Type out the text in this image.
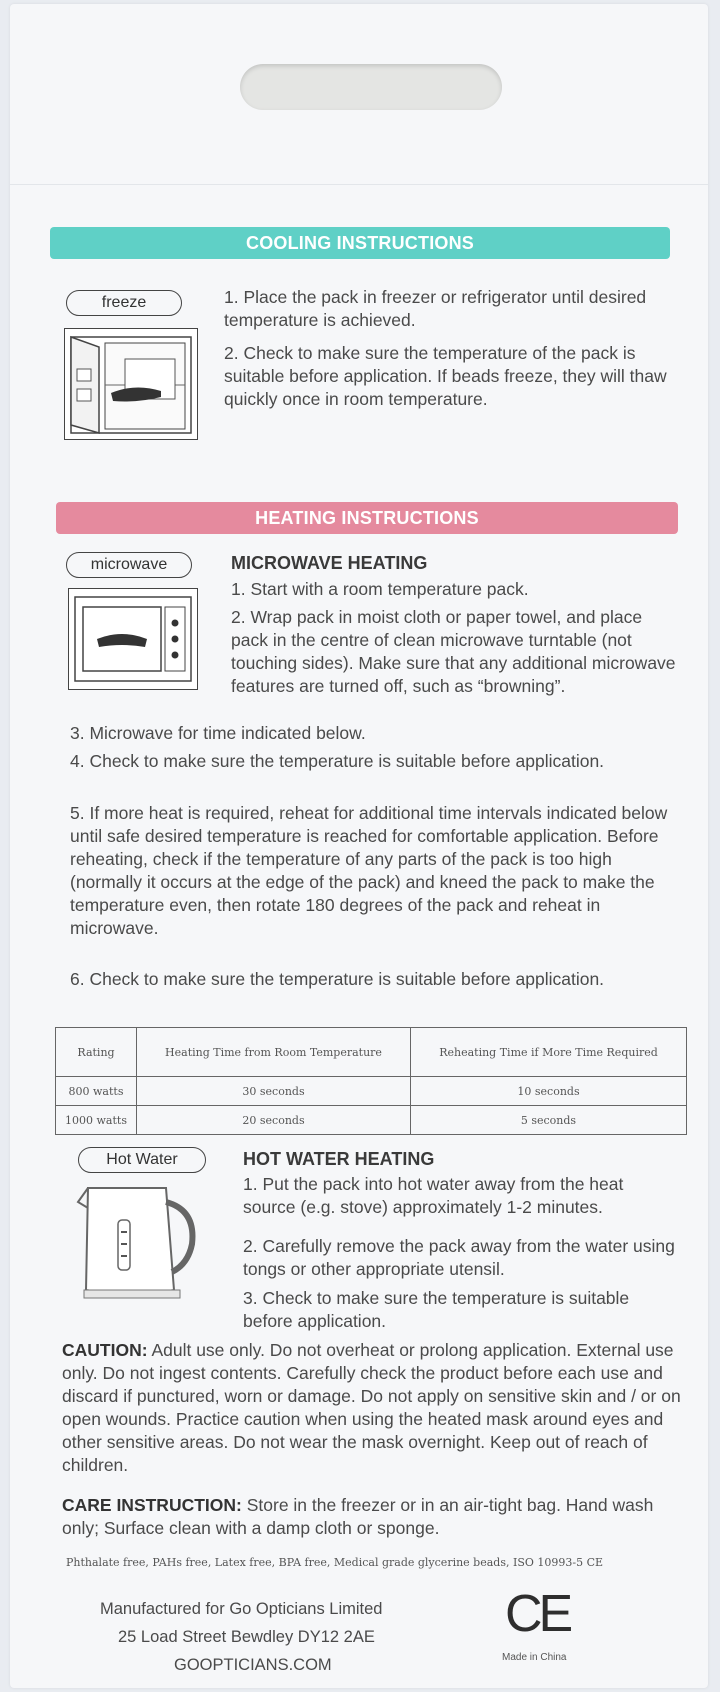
COOLING INSTRUCTIONS
freeze	1. Place the pack in freezer or refrigerator until desired temperature is achieved.

2. Check to make sure the temperature of the pack is suitable before application. If beads freeze, they will thaw quickly once in room temperature.

HEATING INSTRUCTIONS
microwave	MICROWAVE HEATING

1. Start with a room temperature pack.

2. Wrap pack in moist cloth or paper towel, and place pack in the centre of clean microwave turntable (not touching sides). Make sure that any additional microwave features are turned off, such as “browning”.

3. Microwave for time indicated below.

4. Check to make sure the temperature is suitable before application.

5. If more heat is required, reheat for additional time intervals indicated below until safe desired temperature is reached for comfortable application. Before reheating, check if the temperature of any parts of the pack is too high (normally it occurs at the edge of the pack) and kneed the pack to make the temperature even, then rotate 180 degrees of the pack and reheat in microwave.

6. Check to make sure the temperature is suitable before application.

Rating	Heating Time from Room Temperature	Reheating Time if More Time Required
800 watts	30 seconds	10 seconds
1000 watts	20 seconds	5 seconds
Hot Water	HOT WATER HEATING

1. Put the pack into hot water away from the heat source (e.g. stove) approximately 1-2 minutes.

2. Carefully remove the pack away from the water using tongs or other appropriate utensil.

3. Check to make sure the temperature is suitable before application.

CAUTION: Adult use only. Do not overheat or prolong application. External use only. Do not ingest contents. Carefully check the product before each use and discard if punctured, worn or damage. Do not apply on sensitive skin and / or on open wounds. Practice caution when using the heated mask around eyes and other sensitive areas. Do not wear the mask overnight. Keep out of reach of children.

CARE INSTRUCTION: Store in the freezer or in an air-tight bag. Hand wash only; Surface clean with a damp cloth or sponge.

Phthalate free, PAHs free, Latex free, BPA free, Medical grade glycerine beads, ISO 10993-5 CE
Manufactured for Go Opticians Limited
25 Load Street Bewdley DY12 2AE
GOOPTICIANS.COM
CE
Made in China
